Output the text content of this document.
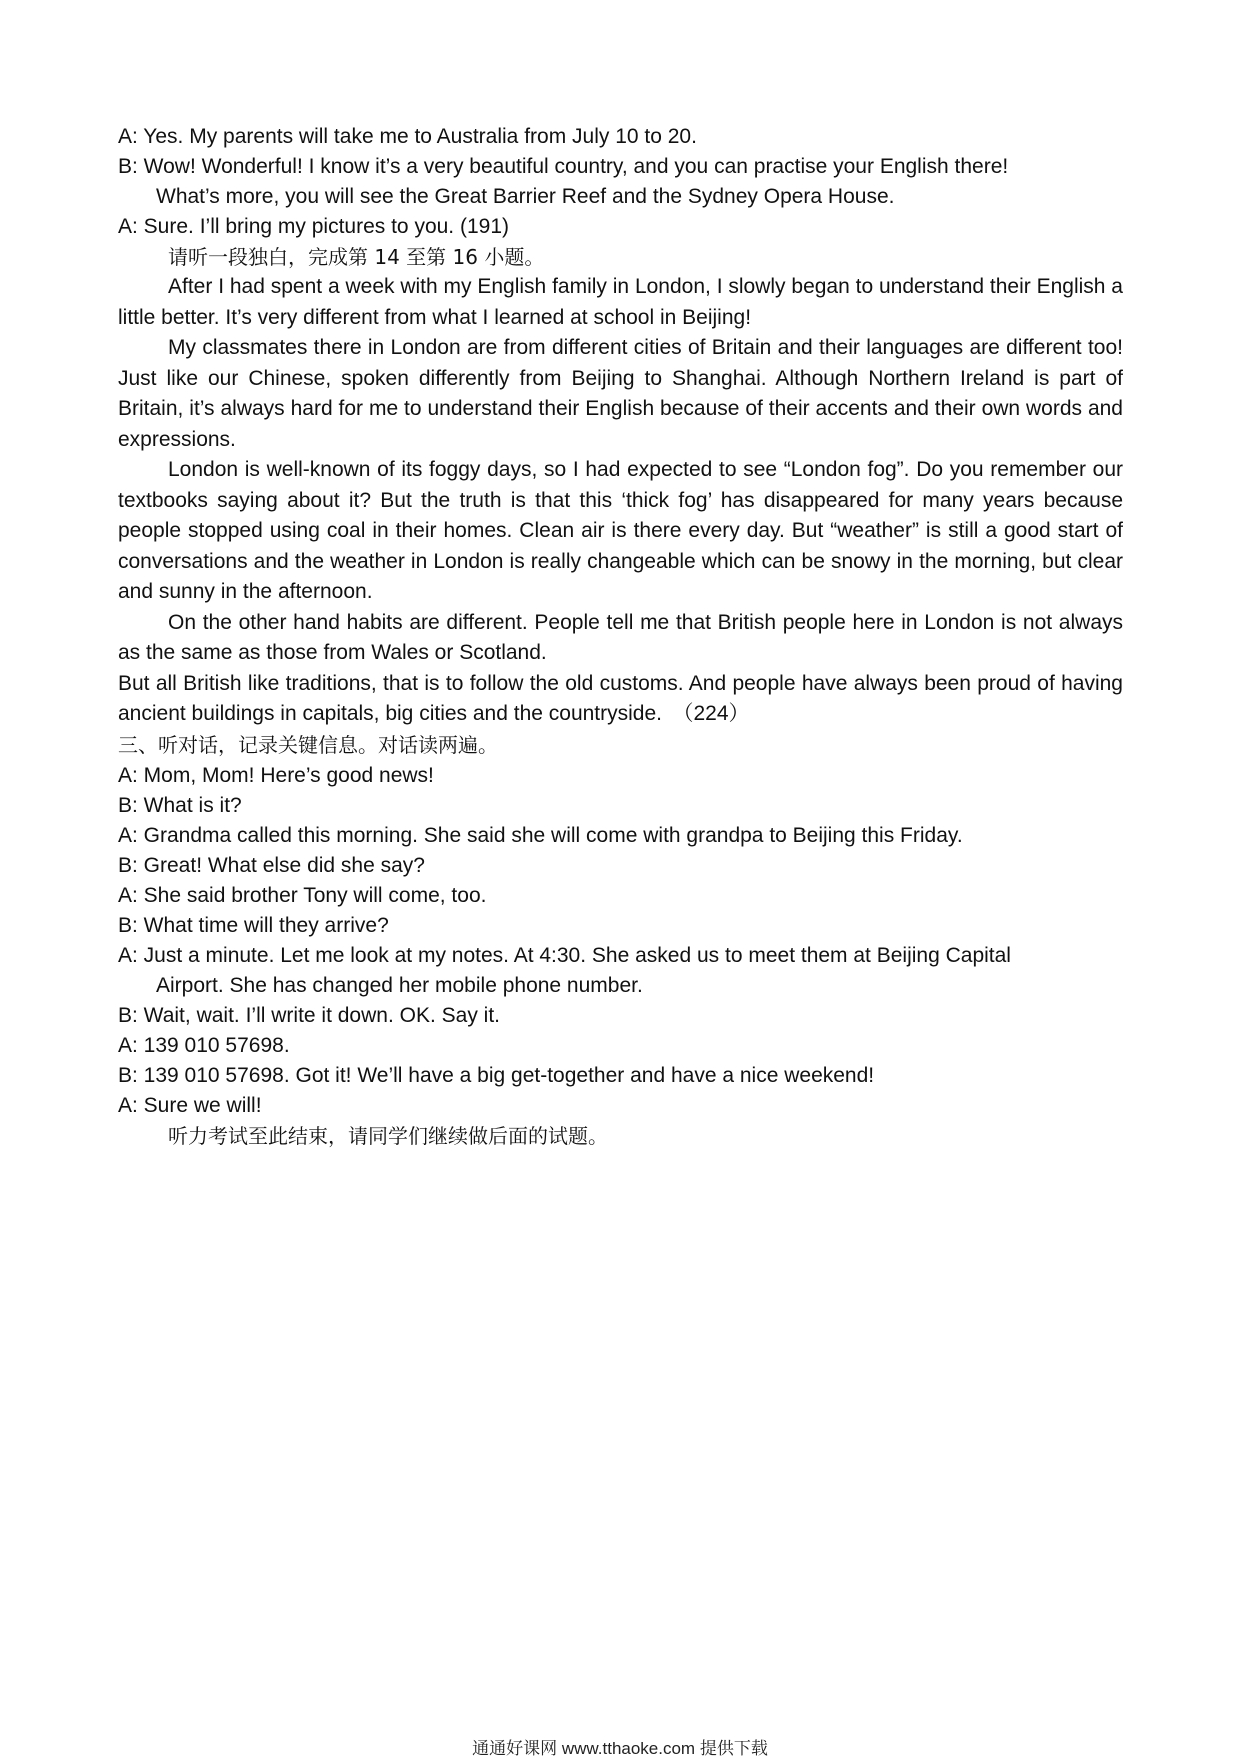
A: Yes. My parents will take me to Australia from July 10 to 20.
B: Wow! Wonderful! I know it’s a very beautiful country, and you can practise your English there!
What’s more, you will see the Great Barrier Reef and the Sydney Opera House.
A: Sure. I’ll bring my pictures to you. (191)
请听一段独白，完成第 14 至第 16 小题。
After I had spent a week with my English family in London, I slowly began to understand their English a little better. It’s very different from what I learned at school in Beijing!
My classmates there in London are from different cities of Britain and their languages are different too! Just like our Chinese, spoken differently from Beijing to Shanghai. Although Northern Ireland is part of Britain, it’s always hard for me to understand their English because of their accents and their own words and expressions.
London is well-known of its foggy days, so I had expected to see “London fog”. Do you remember our textbooks saying about it? But the truth is that this ‘thick fog’ has disappeared for many years because people stopped using coal in their homes. Clean air is there every day. But “weather” is still a good start of conversations and the weather in London is really changeable which can be snowy in the morning, but clear and sunny in the afternoon.
On the other hand habits are different. People tell me that British people here in London is not always as the same as those from Wales or Scotland.
But all British like traditions, that is to follow the old customs. And people have always been proud of having ancient buildings in capitals, big cities and the countryside.　（224）
三、听对话，记录关键信息。对话读两遍。
A: Mom, Mom! Here’s good news!
B: What is it?
A: Grandma called this morning. She said she will come with grandpa to Beijing this Friday.
B: Great! What else did she say?
A: She said brother Tony will come, too.
B: What time will they arrive?
A: Just a minute. Let me look at my notes. At 4:30. She asked us to meet them at Beijing Capital
Airport. She has changed her mobile phone number.
B: Wait, wait. I’ll write it down. OK. Say it.
A: 139 010 57698.
B: 139 010 57698. Got it! We’ll have a big get-together and have a nice weekend!
A: Sure we will!
听力考试至此结束，请同学们继续做后面的试题。
通通好课网 www.tthaoke.com 提供下载
